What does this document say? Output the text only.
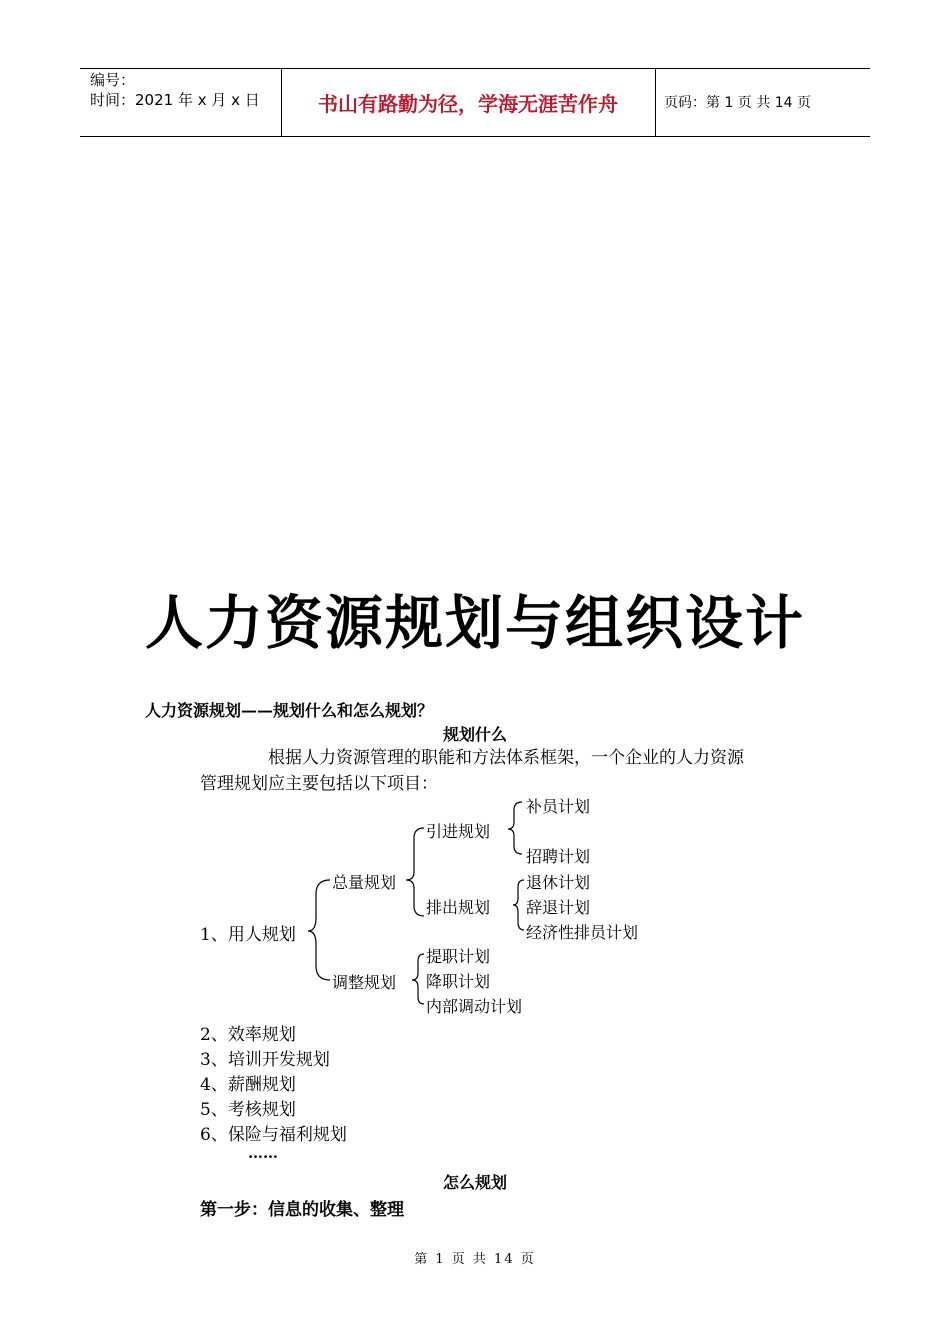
编号：
时间：2021 年 x 月 x 日	书山有路勤为径，学海无涯苦作舟	页码：第 1 页 共 14 页
人力资源规划与组织设计
人力资源规划——规划什么和怎么规划？
规划什么
根据人力资源管理的职能和方法体系框架，一个企业的人力资源
管理规划应主要包括以下项目：
1、用人规划
总量规划
调整规划
引进规划
排出规划
补员计划
招聘计划
退休计划
辞退计划
经济性排员计划
提职计划
降职计划
内部调动计划
2、效率规划
3、培训开发规划
4、薪酬规划
5、考核规划
6、保险与福利规划
……
怎么规划
第一步：信息的收集、整理
第 1 页 共 14 页
